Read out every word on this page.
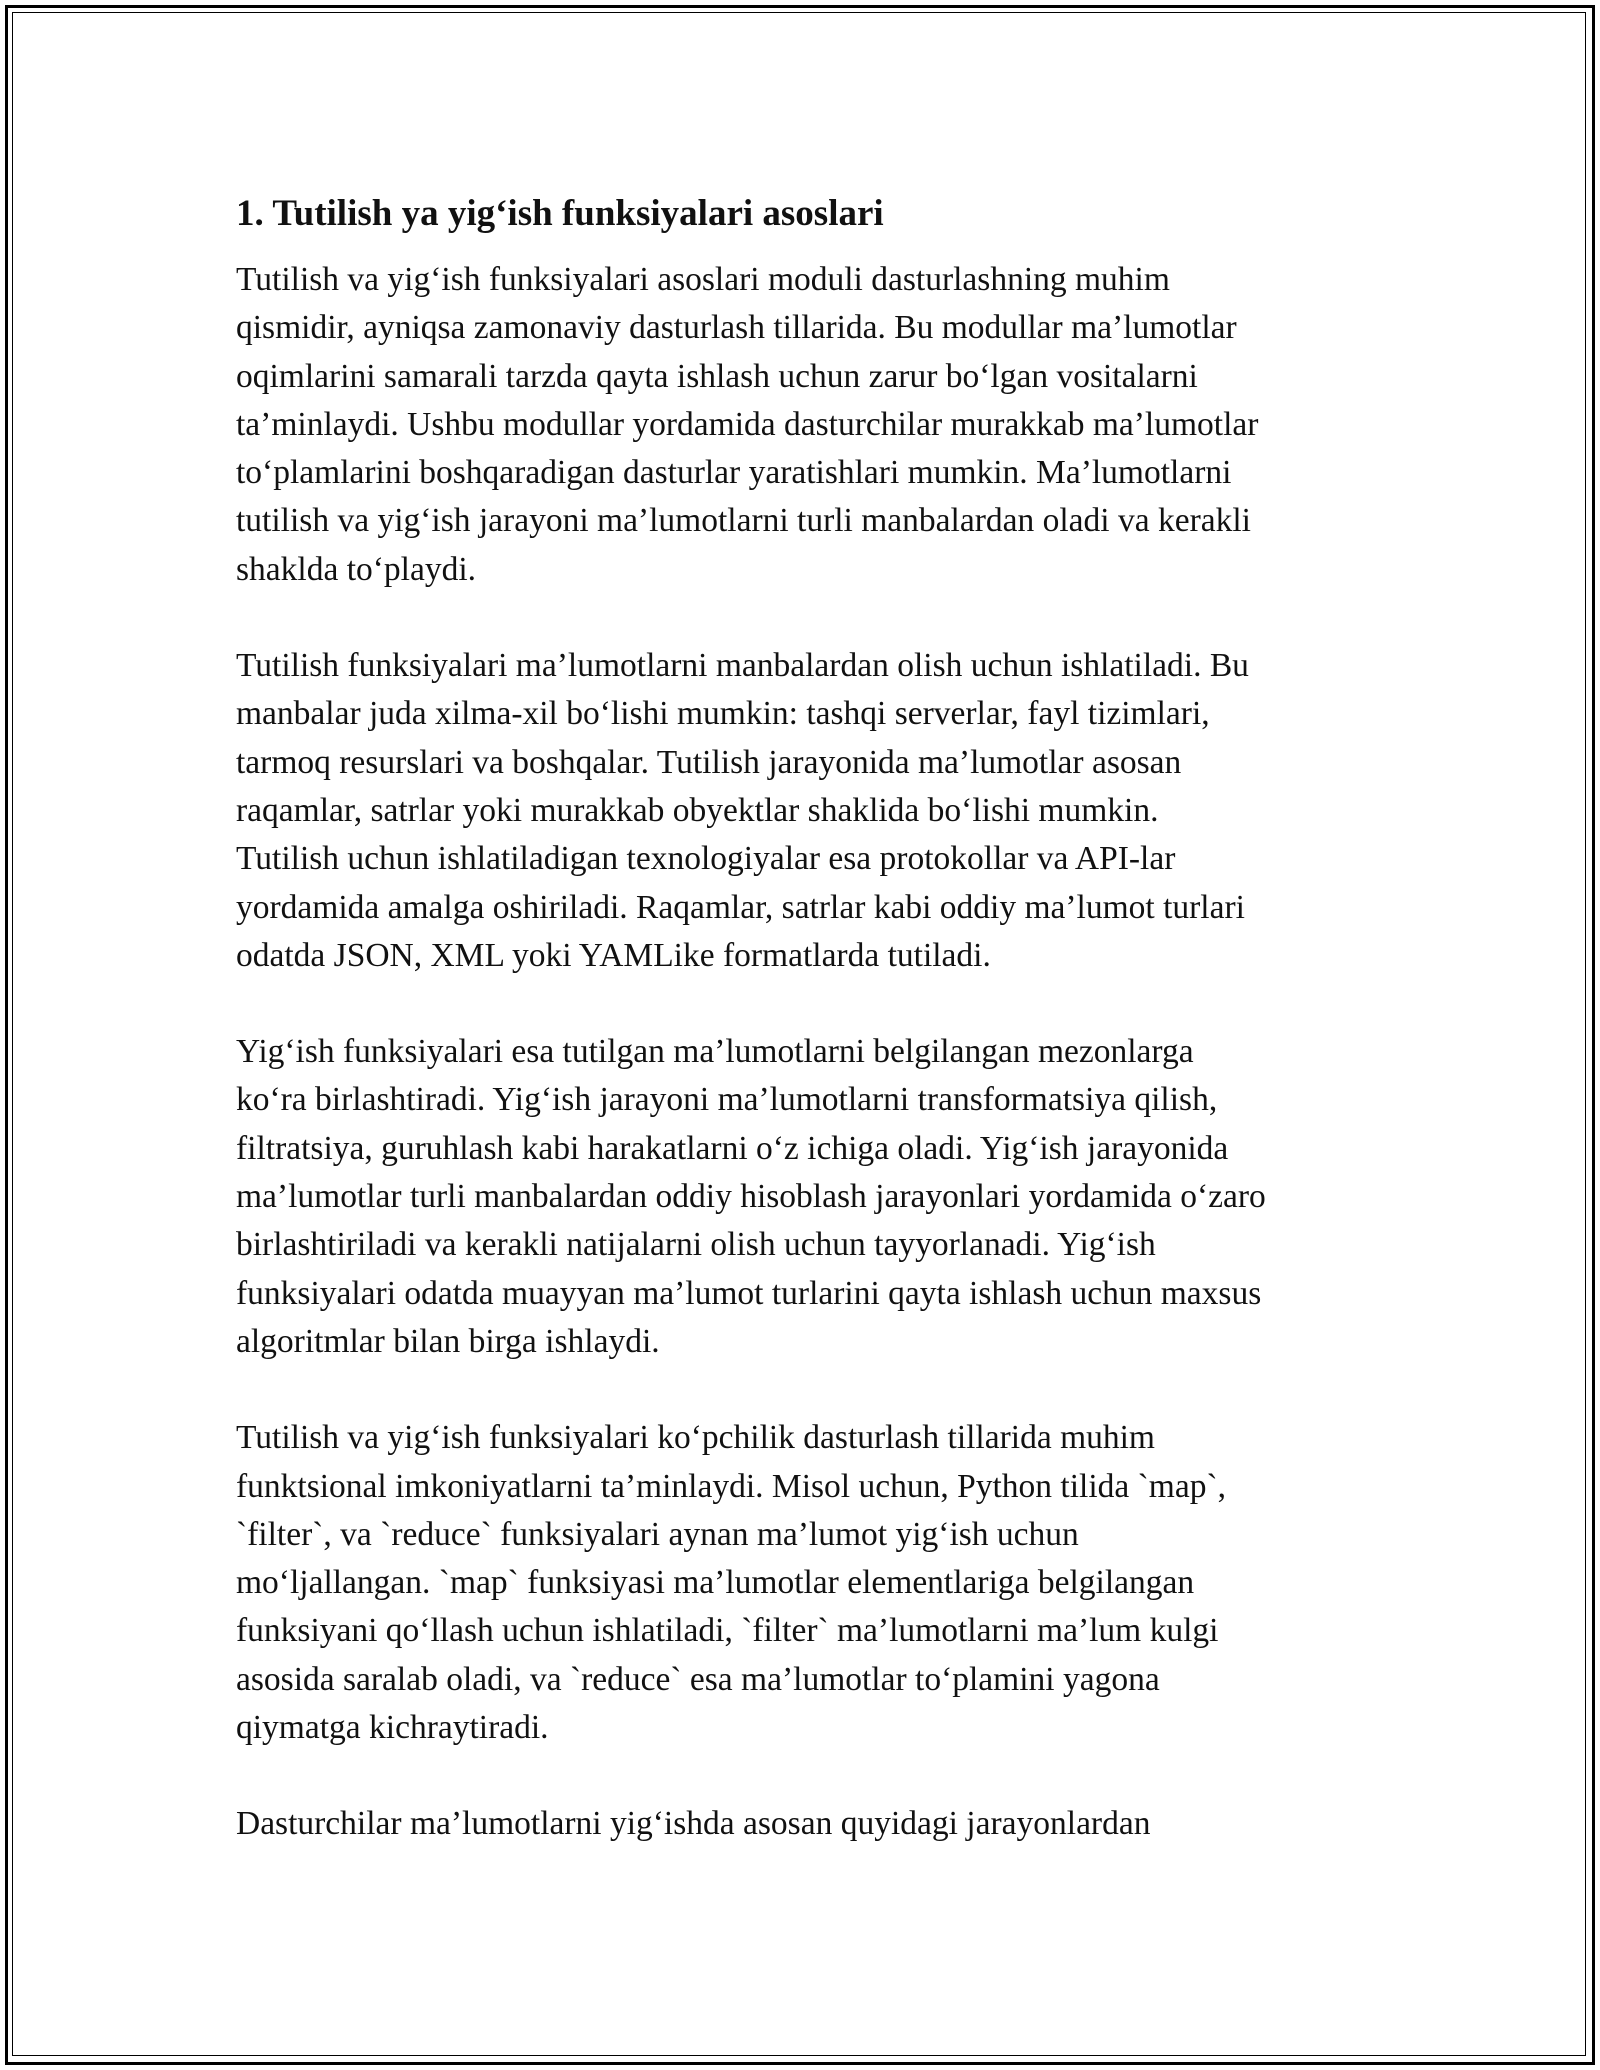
1. Tutilish ya yig‘ish funksiyalari asoslari

Tutilish va yig‘ish funksiyalari asoslari moduli dasturlashning muhim
qismidir, ayniqsa zamonaviy dasturlash tillarida. Bu modullar ma’lumotlar
oqimlarini samarali tarzda qayta ishlash uchun zarur bo‘lgan vositalarni
ta’minlaydi. Ushbu modullar yordamida dasturchilar murakkab ma’lumotlar
to‘plamlarini boshqaradigan dasturlar yaratishlari mumkin. Ma’lumotlarni
tutilish va yig‘ish jarayoni ma’lumotlarni turli manbalardan oladi va kerakli
shaklda to‘playdi.

Tutilish funksiyalari ma’lumotlarni manbalardan olish uchun ishlatiladi. Bu
manbalar juda xilma-xil bo‘lishi mumkin: tashqi serverlar, fayl tizimlari,
tarmoq resurslari va boshqalar. Tutilish jarayonida ma’lumotlar asosan
raqamlar, satrlar yoki murakkab obyektlar shaklida bo‘lishi mumkin.
Tutilish uchun ishlatiladigan texnologiyalar esa protokollar va API-lar
yordamida amalga oshiriladi. Raqamlar, satrlar kabi oddiy ma’lumot turlari
odatda JSON, XML yoki YAMLike formatlarda tutiladi.

Yig‘ish funksiyalari esa tutilgan ma’lumotlarni belgilangan mezonlarga
ko‘ra birlashtiradi. Yig‘ish jarayoni ma’lumotlarni transformatsiya qilish,
filtratsiya, guruhlash kabi harakatlarni o‘z ichiga oladi. Yig‘ish jarayonida
ma’lumotlar turli manbalardan oddiy hisoblash jarayonlari yordamida o‘zaro
birlashtiriladi va kerakli natijalarni olish uchun tayyorlanadi. Yig‘ish
funksiyalari odatda muayyan ma’lumot turlarini qayta ishlash uchun maxsus
algoritmlar bilan birga ishlaydi.

Tutilish va yig‘ish funksiyalari ko‘pchilik dasturlash tillarida muhim
funktsional imkoniyatlarni ta’minlaydi. Misol uchun, Python tilida `map`,
`filter`, va `reduce` funksiyalari aynan ma’lumot yig‘ish uchun
mo‘ljallangan. `map` funksiyasi ma’lumotlar elementlariga belgilangan
funksiyani qo‘llash uchun ishlatiladi, `filter` ma’lumotlarni ma’lum kulgi
asosida saralab oladi, va `reduce` esa ma’lumotlar to‘plamini yagona
qiymatga kichraytiradi.

Dasturchilar ma’lumotlarni yig‘ishda asosan quyidagi jarayonlardan
